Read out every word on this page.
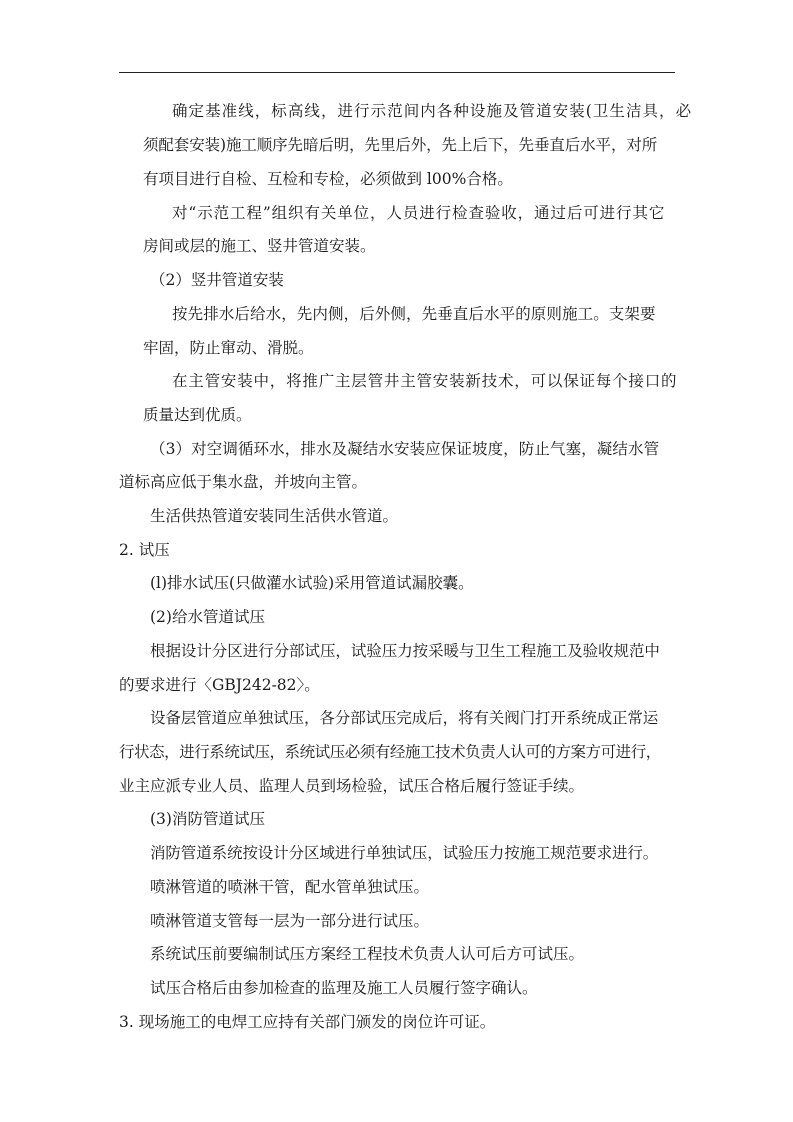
确定基准线，标高线，进行示范间内各种设施及管道安装(卫生洁具，必

须配套安装)施工顺序先暗后明，先里后外，先上后下，先垂直后水平，对所

有项目进行自检、互检和专检，必须做到 l00%合格。

对“示范工程”组织有关单位，人员进行检查验收，通过后可进行其它

房间或层的施工、竖井管道安装。

（2）竖井管道安装

按先排水后给水，先内侧，后外侧，先垂直后水平的原则施工。支架要

牢固，防止窜动、滑脱。

在主管安装中，将推广主层管井主管安装新技术，可以保证每个接口的

质量达到优质。

（3）对空调循环水，排水及凝结水安装应保证坡度，防止气塞，凝结水管

道标高应低于集水盘，并坡向主管。

生活供热管道安装同生活供水管道。

2. 试压

(l)排水试压(只做灌水试验)采用管道试漏胶囊。

(2)给水管道试压

根据设计分区进行分部试压，试验压力按采暖与卫生工程施工及验收规范中

的要求进行〈GBJ242-82〉。

设备层管道应单独试压，各分部试压完成后，将有关阀门打开系统成正常运

行状态，进行系统试压，系统试压必须有经施工技术负责人认可的方案方可进行，

业主应派专业人员、监理人员到场检验，试压合格后履行签证手续。

(3)消防管道试压

消防管道系统按设计分区域进行单独试压，试验压力按施工规范要求进行。

喷淋管道的喷淋干管，配水管单独试压。

喷淋管道支管每一层为一部分进行试压。

系统试压前要编制试压方案经工程技术负责人认可后方可试压。

试压合格后由参加检查的监理及施工人员履行签字确认。

3. 现场施工的电焊工应持有关部门颁发的岗位许可证。
